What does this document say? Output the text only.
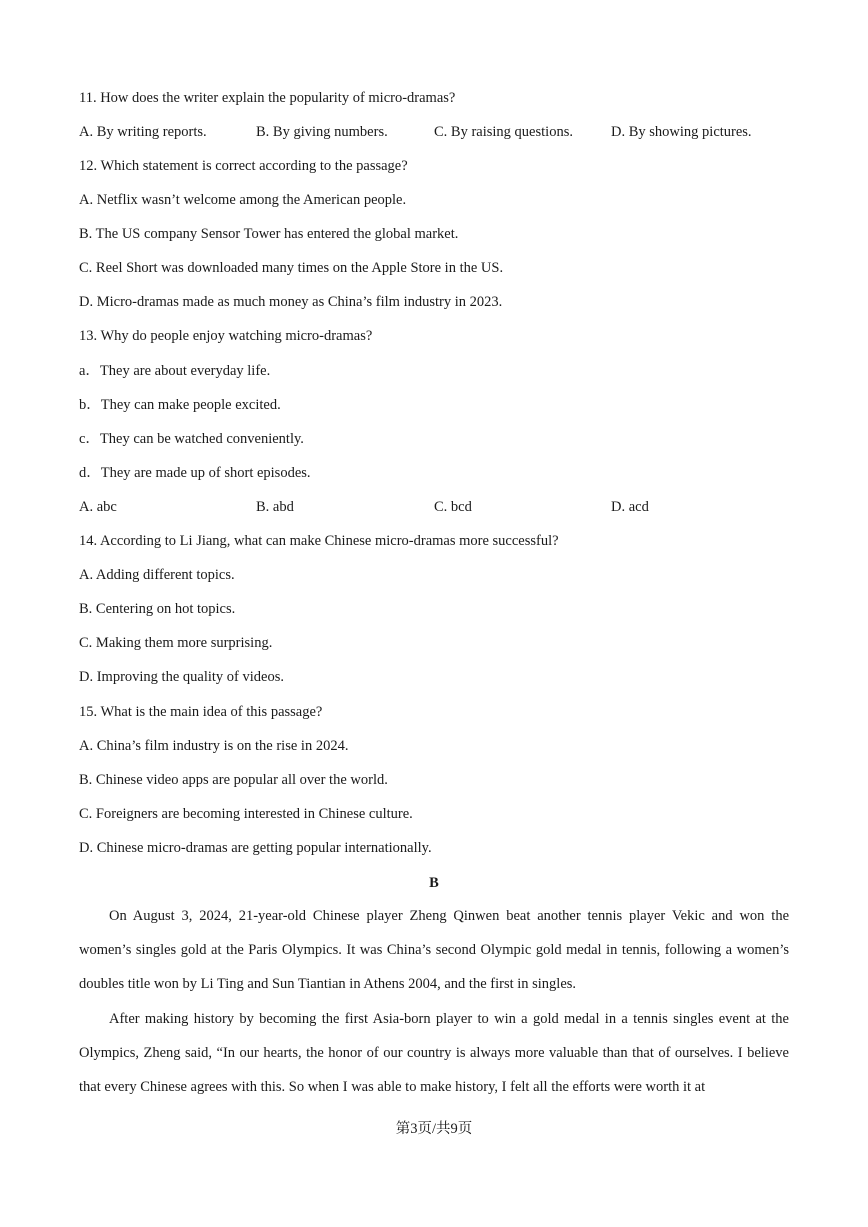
11. How does the writer explain the popularity of micro-dramas?
A. By writing reports.	B. By giving numbers.	C. By raising questions.	D. By showing pictures.
12. Which statement is correct according to the passage?
A. Netflix wasn’t welcome among the American people.
B. The US company Sensor Tower has entered the global market.
C. Reel Short was downloaded many times on the Apple Store in the US.
D. Micro-dramas made as much money as China’s film industry in 2023.
13. Why do people enjoy watching micro-dramas?
a．They are about everyday life.
b．They can make people excited.
c．They can be watched conveniently.
d．They are made up of short episodes.
A. abc	B. abd	C. bcd	D. acd
14. According to Li Jiang, what can make Chinese micro-dramas more successful?
A. Adding different topics.
B. Centering on hot topics.
C. Making them more surprising.
D. Improving the quality of videos.
15. What is the main idea of this passage?
A. China’s film industry is on the rise in 2024.
B. Chinese video apps are popular all over the world.
C. Foreigners are becoming interested in Chinese culture.
D. Chinese micro-dramas are getting popular internationally.
B

On August 3, 2024, 21-year-old Chinese player Zheng Qinwen beat another tennis player Vekic and won the women’s singles gold at the Paris Olympics. It was China’s second Olympic gold medal in tennis, following a women’s doubles title won by Li Ting and Sun Tiantian in Athens 2004, and the first in singles.

After making history by becoming the first Asia-born player to win a gold medal in a tennis singles event at the Olympics, Zheng said, “In our hearts, the honor of our country is always more valuable than that of ourselves. I believe that every Chinese agrees with this. So when I was able to make history, I felt all the efforts were worth it at

第3页/共9页
